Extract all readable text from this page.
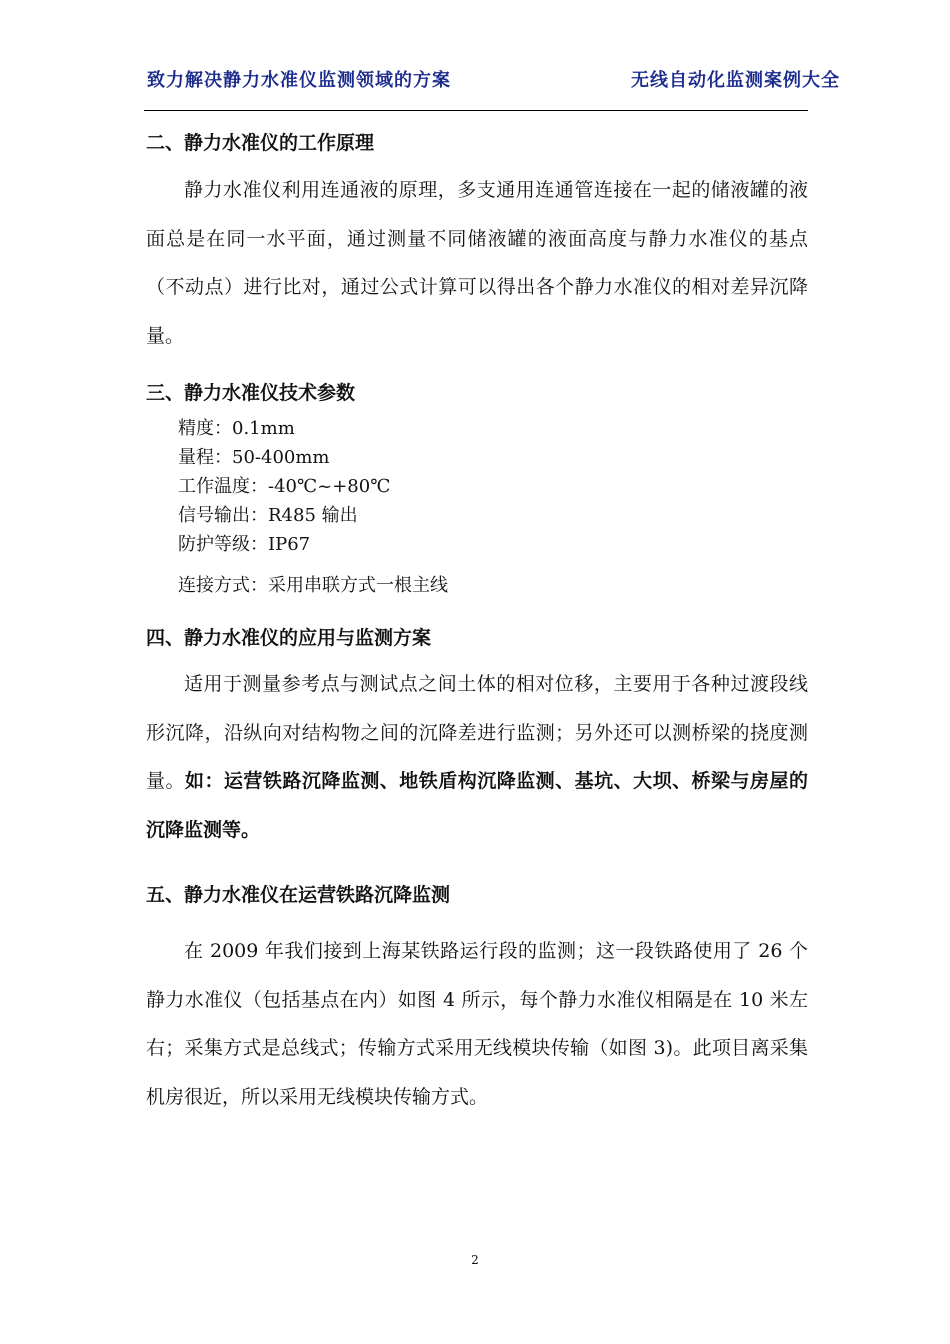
致力解决静力水准仪监测领域的方案	无线自动化监测案例大全
二、静力水准仪的工作原理

静力水准仪利用连通液的原理，多支通用连通管连接在一起的储液罐的液面总是在同一水平面，通过测量不同储液罐的液面高度与静力水准仪的基点（不动点）进行比对，通过公式计算可以得出各个静力水准仪的相对差异沉降量。

三、静力水准仪技术参数
精度：0.1mm
量程：50-400mm
工作温度：-40℃~+80℃
信号输出：R485 输出
防护等级：IP67
连接方式：采用串联方式一根主线
四、静力水准仪的应用与监测方案

适用于测量参考点与测试点之间土体的相对位移，主要用于各种过渡段线形沉降，沿纵向对结构物之间的沉降差进行监测；另外还可以测桥梁的挠度测量。如：运营铁路沉降监测、地铁盾构沉降监测、基坑、大坝、桥梁与房屋的沉降监测等。

五、静力水准仪在运营铁路沉降监测

在 2009 年我们接到上海某铁路运行段的监测；这一段铁路使用了 26 个静力水准仪（包括基点在内）如图 4 所示，每个静力水准仪相隔是在 10 米左右；采集方式是总线式；传输方式采用无线模块传输（如图 3)。此项目离采集机房很近，所以采用无线模块传输方式。

2
